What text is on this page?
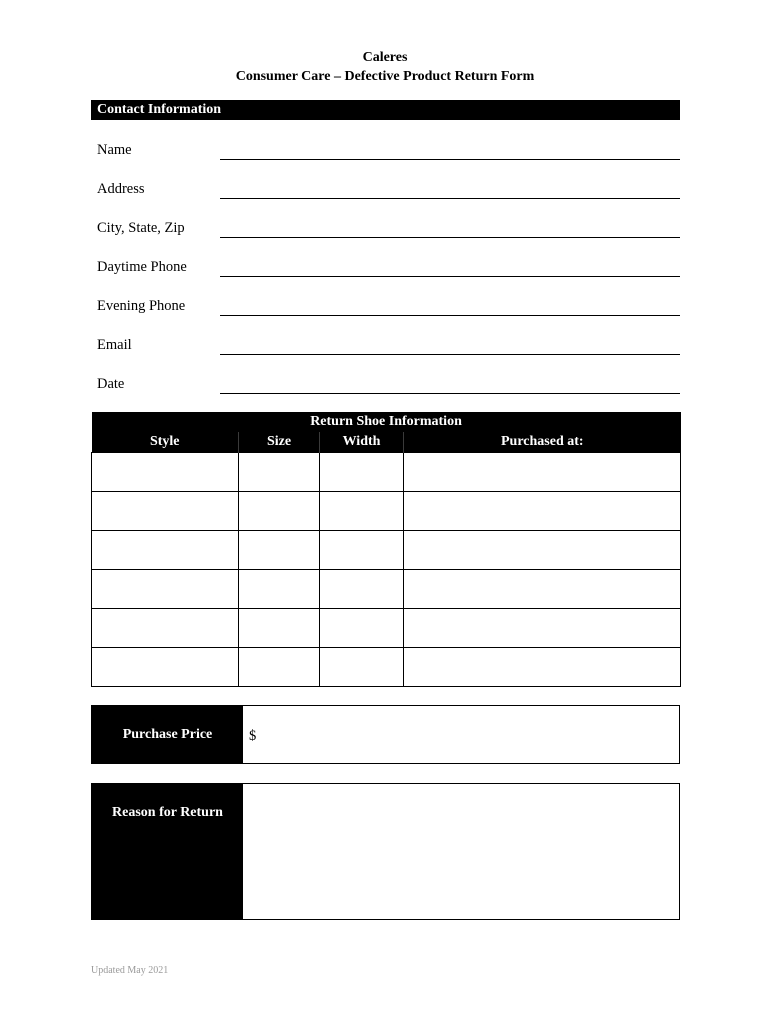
Caleres
Consumer Care – Defective Product Return Form
Contact Information
Name
Address
City, State, Zip
Daytime Phone
Evening Phone
Email
Date
Return Shoe Information			
Style	Size	Width	Purchased at:

Purchase Price	$
Reason for Return
Updated May 2021
